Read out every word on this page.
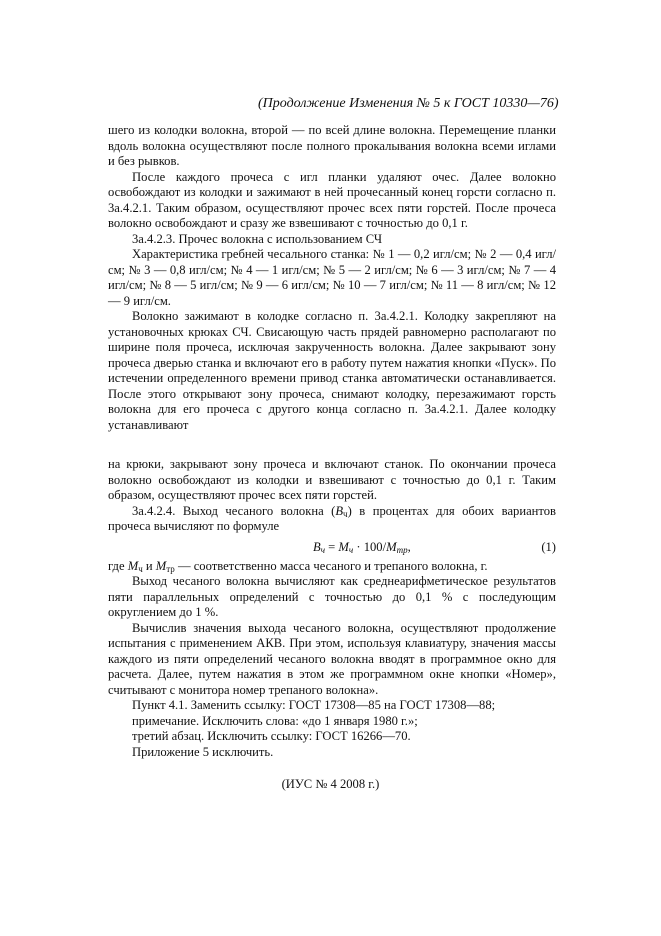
(Продолжение Изменения № 5 к ГОСТ 10330—76)

шего из колодки волокна, второй — по всей длине волокна. Перемещение планки вдоль волокна осуществляют после полного прокалывания волокна всеми иглами и без рывков.

После каждого прочеса с игл планки удаляют очес. Далее волокно освобождают из колодки и зажимают в ней прочесанный конец горсти согласно п. 3а.4.2.1. Таким образом, осуществляют прочес всех пяти горстей. После прочеса волокно освобождают и сразу же взвешивают с точностью до 0,1 г.

3а.4.2.3. Прочес волокна с использованием СЧ

Характеристика гребней чесального станка: № 1 — 0,2 игл/см; № 2 — 0,4 игл/см; № 3 — 0,8 игл/см; № 4 — 1 игл/см; № 5 — 2 игл/см; № 6 — 3 игл/см; № 7 — 4 игл/см; № 8 — 5 игл/см; № 9 — 6 игл/см; № 10 — 7 игл/см; № 11 — 8 игл/см; № 12 — 9 игл/см.

Волокно зажимают в колодке согласно п. 3а.4.2.1. Колодку закрепляют на установочных крюках СЧ. Свисающую часть прядей равномерно располагают по ширине поля прочеса, исключая закрученность волокна. Далее закрывают зону прочеса дверью станка и включают его в работу путем нажатия кнопки «Пуск». По истечении определенного времени привод станка автоматически останавливается. После этого открывают зону прочеса, снимают колодку, перезажимают горсть волокна для его прочеса с другого конца согласно п. 3а.4.2.1. Далее колодку устанавливают

на крюки, закрывают зону прочеса и включают станок. По окончании прочеса волокно освобождают из колодки и взвешивают с точностью до 0,1 г. Таким образом, осуществляют прочес всех пяти горстей.

3а.4.2.4. Выход чесаного волокна $(B_ч)$ в процентах для обоих вариантов прочеса вычисляют по формуле

$B_ч = M_ч \cdot 100/M_{тр}$,	(1)

где $M_ч$ и $M_{тр}$ — соответственно масса чесаного и трепаного волокна, г.

Выход чесаного волокна вычисляют как среднеарифметическое результатов пяти параллельных определений с точностью до 0,1 % с последующим округлением до 1 %.

Вычислив значения выхода чесаного волокна, осуществляют продолжение испытания с применением АКВ. При этом, используя клавиатуру, значения массы каждого из пяти определений чесаного волокна вводят в программное окно для расчета. Далее, путем нажатия в этом же программном окне кнопки «Номер», считывают с монитора номер трепаного волокна».

Пункт 4.1. Заменить ссылку: ГОСТ 17308—85 на ГОСТ 17308—88;

примечание. Исключить слова: «до 1 января 1980 г.»;

третий абзац. Исключить ссылку: ГОСТ 16266—70.

Приложение 5 исключить.

(ИУС № 4 2008 г.)
